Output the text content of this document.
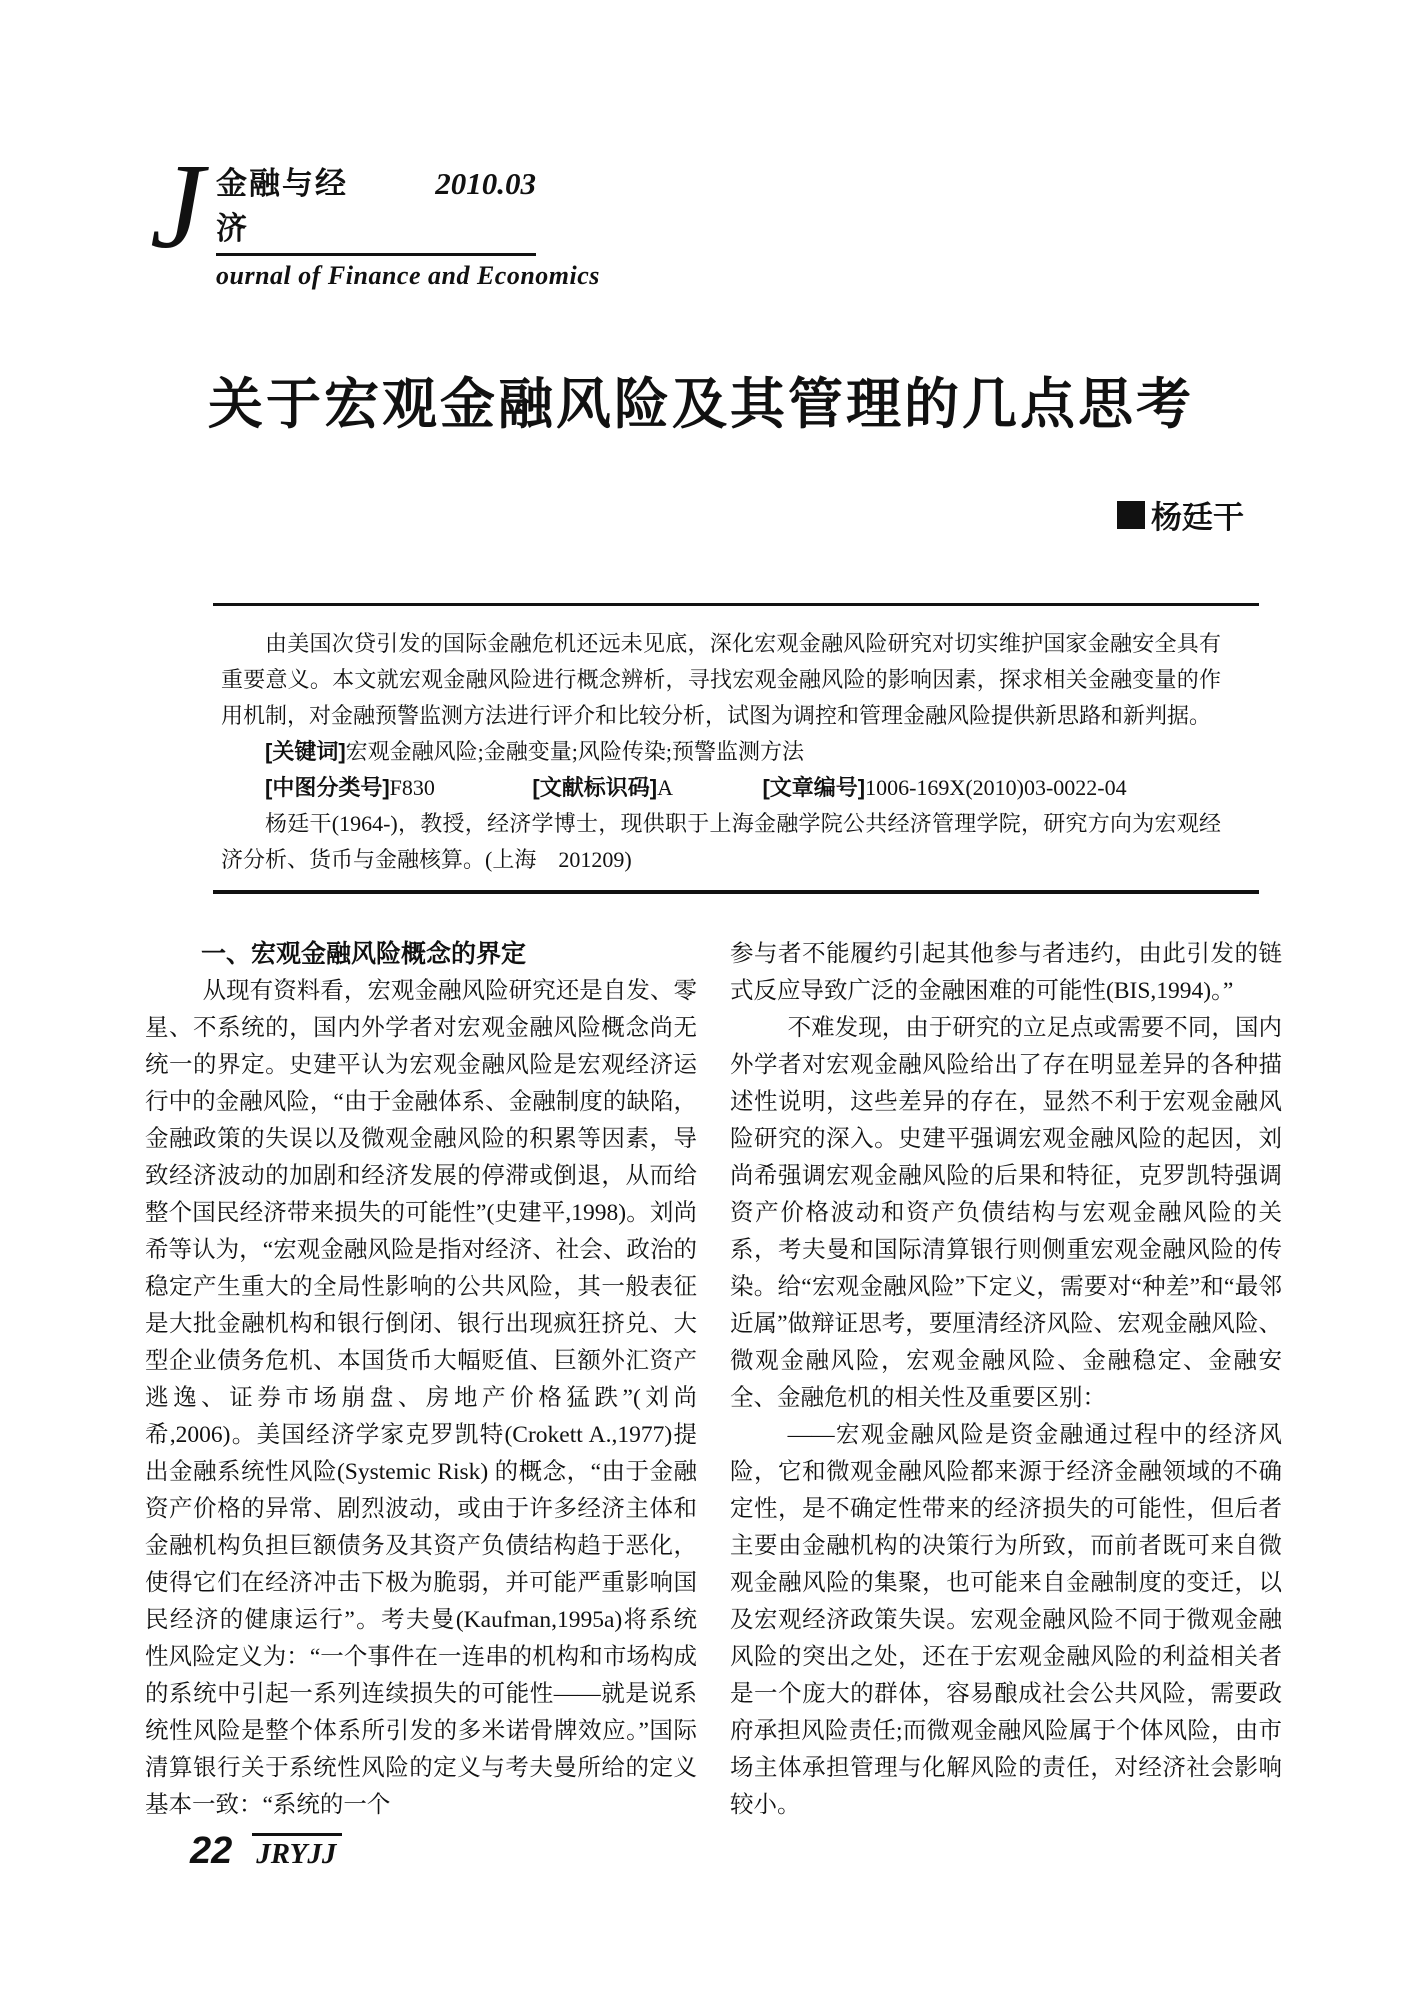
J 金融与经济
2010.03
ournal of Finance and Economics
关于宏观金融风险及其管理的几点思考
杨廷干

由美国次贷引发的国际金融危机还远未见底，深化宏观金融风险研究对切实维护国家金融安全具有重要意义。本文就宏观金融风险进行概念辨析，寻找宏观金融风险的影响因素，探求相关金融变量的作用机制，对金融预警监测方法进行评介和比较分析，试图为调控和管理金融风险提供新思路和新判据。

[关键词]宏观金融风险;金融变量;风险传染;预警监测方法

[中图分类号]F830	[文献标识码]A	[文章编号]1006-169X(2010)03-0022-04

杨廷干(1964-)，教授，经济学博士，现供职于上海金融学院公共经济管理学院，研究方向为宏观经济分析、货币与金融核算。(上海　201209)

一、宏观金融风险概念的界定

从现有资料看，宏观金融风险研究还是自发、零星、不系统的，国内外学者对宏观金融风险概念尚无统一的界定。史建平认为宏观金融风险是宏观经济运行中的金融风险，“由于金融体系、金融制度的缺陷，金融政策的失误以及微观金融风险的积累等因素，导致经济波动的加剧和经济发展的停滞或倒退，从而给整个国民经济带来损失的可能性”(史建平,1998)。刘尚希等认为，“宏观金融风险是指对经济、社会、政治的稳定产生重大的全局性影响的公共风险，其一般表征是大批金融机构和银行倒闭、银行出现疯狂挤兑、大型企业债务危机、本国货币大幅贬值、巨额外汇资产逃逸、证券市场崩盘、房地产价格猛跌”(刘尚希,2006)。美国经济学家克罗凯特(Crokett A.,1977)提出金融系统性风险(Systemic Risk) 的概念，“由于金融资产价格的异常、剧烈波动，或由于许多经济主体和金融机构负担巨额债务及其资产负债结构趋于恶化，使得它们在经济冲击下极为脆弱，并可能严重影响国民经济的健康运行”。考夫曼(Kaufman,1995a)将系统性风险定义为：“一个事件在一连串的机构和市场构成的系统中引起一系列连续损失的可能性——就是说系统性风险是整个体系所引发的多米诺骨牌效应。”国际清算银行关于系统性风险的定义与考夫曼所给的定义基本一致：“系统的一个

参与者不能履约引起其他参与者违约，由此引发的链式反应导致广泛的金融困难的可能性(BIS,1994)。”

不难发现，由于研究的立足点或需要不同，国内外学者对宏观金融风险给出了存在明显差异的各种描述性说明，这些差异的存在，显然不利于宏观金融风险研究的深入。史建平强调宏观金融风险的起因，刘尚希强调宏观金融风险的后果和特征，克罗凯特强调资产价格波动和资产负债结构与宏观金融风险的关系，考夫曼和国际清算银行则侧重宏观金融风险的传染。给“宏观金融风险”下定义，需要对“种差”和“最邻近属”做辩证思考，要厘清经济风险、宏观金融风险、微观金融风险，宏观金融风险、金融稳定、金融安全、金融危机的相关性及重要区别：

——宏观金融风险是资金融通过程中的经济风险，它和微观金融风险都来源于经济金融领域的不确定性，是不确定性带来的经济损失的可能性，但后者主要由金融机构的决策行为所致，而前者既可来自微观金融风险的集聚，也可能来自金融制度的变迁，以及宏观经济政策失误。宏观金融风险不同于微观金融风险的突出之处，还在于宏观金融风险的利益相关者是一个庞大的群体，容易酿成社会公共风险，需要政府承担风险责任;而微观金融风险属于个体风险，由市场主体承担管理与化解风险的责任，对经济社会影响较小。

22 JRYJJ
